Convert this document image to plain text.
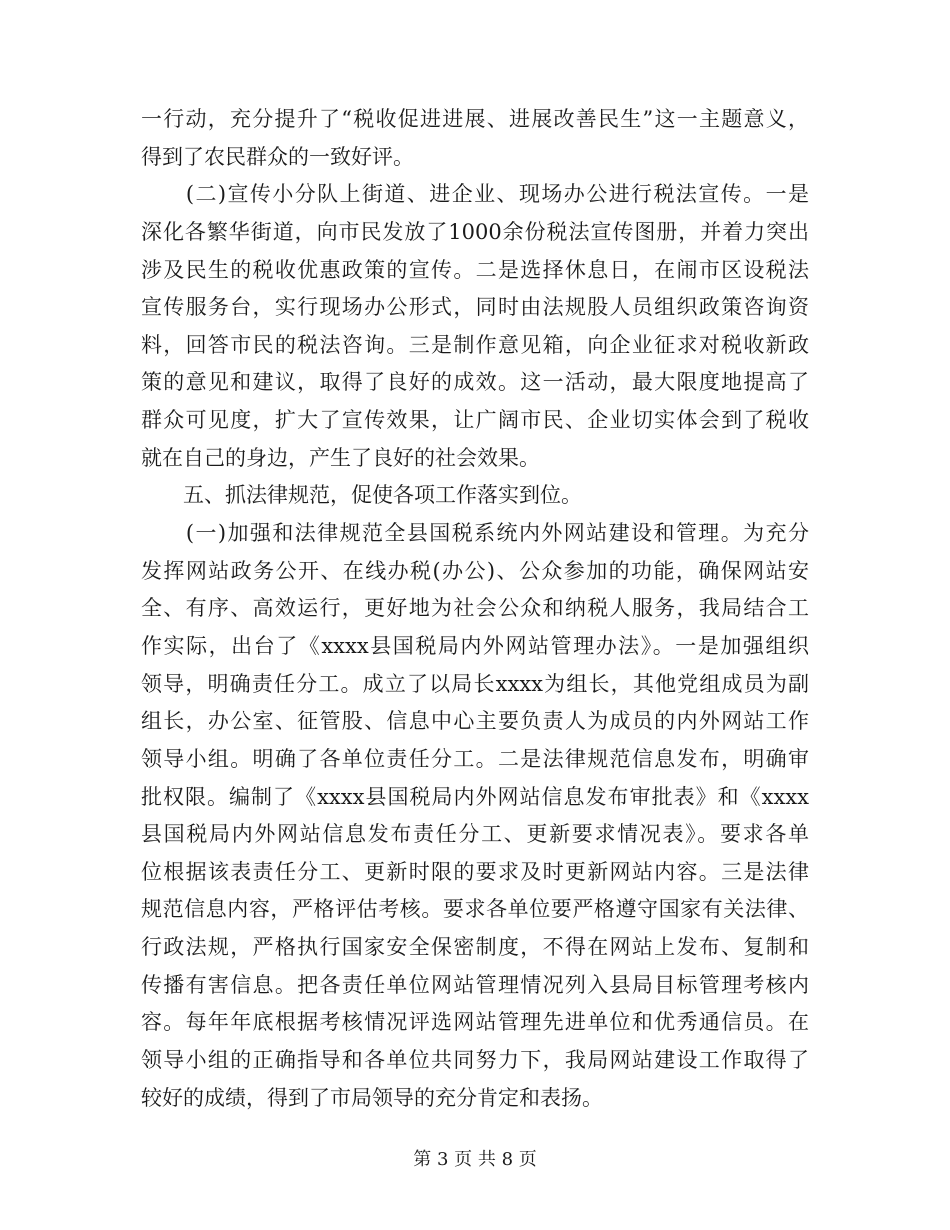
一行动，充分提升了“税收促进进展、进展改善民生”这一主题意义，
得到了农民群众的一致好评。
　　(二)宣传小分队上街道、进企业、现场办公进行税法宣传。一是
深化各繁华街道，向市民发放了1000余份税法宣传图册，并着力突出
涉及民生的税收优惠政策的宣传。二是选择休息日，在闹市区设税法
宣传服务台，实行现场办公形式，同时由法规股人员组织政策咨询资
料，回答市民的税法咨询。三是制作意见箱，向企业征求对税收新政
策的意见和建议，取得了良好的成效。这一活动，最大限度地提高了
群众可见度，扩大了宣传效果，让广阔市民、企业切实体会到了税收
就在自己的身边，产生了良好的社会效果。
　　五、抓法律规范，促使各项工作落实到位。
　　(一)加强和法律规范全县国税系统内外网站建设和管理。为充分
发挥网站政务公开、在线办税(办公)、公众参加的功能，确保网站安
全、有序、高效运行，更好地为社会公众和纳税人服务，我局结合工
作实际，出台了《xxxx县国税局内外网站管理办法》。一是加强组织
领导，明确责任分工。成立了以局长xxxx为组长，其他党组成员为副
组长，办公室、征管股、信息中心主要负责人为成员的内外网站工作
领导小组。明确了各单位责任分工。二是法律规范信息发布，明确审
批权限。编制了《xxxx县国税局内外网站信息发布审批表》和《xxxx
县国税局内外网站信息发布责任分工、更新要求情况表》。要求各单
位根据该表责任分工、更新时限的要求及时更新网站内容。三是法律
规范信息内容，严格评估考核。要求各单位要严格遵守国家有关法律、
行政法规，严格执行国家安全保密制度，不得在网站上发布、复制和
传播有害信息。把各责任单位网站管理情况列入县局目标管理考核内
容。每年年底根据考核情况评选网站管理先进单位和优秀通信员。在
领导小组的正确指导和各单位共同努力下，我局网站建设工作取得了
较好的成绩，得到了市局领导的充分肯定和表扬。
第 3 页 共 8 页
